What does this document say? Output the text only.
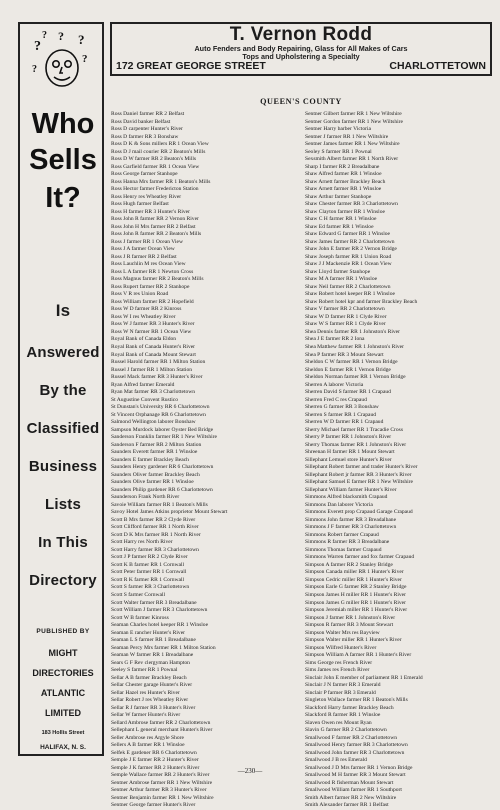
?	?
?
?
?
?
Who
Sells
It?
Is
Answered
By the
Classified
Business
Lists
In This
Directory
PUBLISHED BY
MIGHT
DIRECTORIES
ATLANTIC
LIMITED
183 Hollis Street
HALIFAX, N. S.
T. Vernon Rodd
Auto Fenders and Body Repairing, Glass for All Makes of Cars
Tops and Upholstering a Specialty
172 GREAT GEORGE STREET	CHARLOTTETOWN
QUEEN'S COUNTY
Ross Daniel farmer RR 2 Belfast
Ross David banker Belfast
Ross D carpenter Hunter's River
Ross D farmer RR 3 Bonshaw
Ross D K & Sons millers RR 1 Ocean View
Ross D J mail courier RR 2 Beaton's Mills
Ross D W farmer RR 2 Beaton's Mills
Ross Garfield farmer RR 1 Ocean View
Ross George farmer Stanhope
Ross Hanna Mrs farmer RR 1 Beaton's Mills
Ross Hector farmer Fredericton Station
Ross Henry res Wheatley River
Ross Hugh farmer Belfast
Ross H farmer RR 3 Hunter's River
Ross John R farmer RR 2 Vernon River
Ross John H Mrs farmer RR 2 Belfast
Ross John R farmer RR 2 Beaton's Mills
Ross J farmer RR 1 Ocean View
Ross J A farmer Ocean View
Ross J R farmer RR 2 Belfast
Ross Lauchlin M res Ocean View
Ross L A farmer RR 1 Newton Cross
Ross Magnus farmer RR 2 Beaton's Mills
Ross Rupert farmer RR 2 Stanhope
Ross V R res Union Road
Ross William farmer RR 2 Hopefield
Ross W D farmer RR 2 Kinross
Ross W I res Wheatley River
Ross W J farmer RR 3 Hunter's River
Ross W N farmer RR 1 Ocean View
Royal Bank of Canada Eldon
Royal Bank of Canada Hunter's River
Royal Bank of Canada Mount Stewart
Russel Harold farmer RR 1 Milton Station
Russel J farmer RR 1 Milton Station
Russel Mack farmer RR 3 Hunter's River
Ryan Alfred farmer Emerald
Ryan Mat farmer RR 3 Charlottetown
St Augustine Convent Rustico
St Dunstan's University RR 6 Charlottetown
St Vincent Orphanage RR 6 Charlottetown
Salmond Wellington laborer Bonshaw
Sampson Murdock laborer Oyster Bed Bridge
Sanderson Franklin farmer RR 1 New Wiltshire
Sanderson F farmer RR 2 Milton Station
Saunders Everett farmer RR 1 Winsloe
Saunders E farmer Brackley Beach
Saunders Henry gardener RR 6 Charlottetown
Saunders Oliver farmer Brackley Beach
Saunders Olive farmer RR 1 Winsloe
Saunders Philip gardener RR 6 Charlottetown
Saunderson Frank North River
Savoie William farmer RR 1 Beaton's Mills
Savoy Hotel James Atkins proprietor Mount Stewart
Scott B Mrs farmer RR 2 Clyde River
Scott Clifford farmer RR 1 North River
Scott D K Mrs farmer RR 1 North River
Scott Harry res North River
Scott Harry farmer RR 3 Charlottetown
Scott J P farmer RR 2 Clyde River
Scott K B farmer RR 1 Cornwall
Scott Peter farmer RR 1 Cornwall
Scott R K farmer RR 1 Cornwall
Scott S farmer RR 3 Charlottetown
Scott S farmer Cornwall
Scott Walter farmer RR 3 Breadalbane
Scott William J farmer RR 3 Charlottetown
Scott W B farmer Kinross
Seaman Charles hotel keeper RR 1 Winsloe
Seaman E rancher Hunter's River
Seaman L S farmer RR 1 Breadalbane
Seaman Percy Mrs farmer RR 1 Milton Station
Seaman W farmer RR 1 Breadalbane
Sears G F Rev clergyman Hampton
Seeley S farmer RR 1 Pownal
Sellar A B farmer Brackley Beach
Sellar Chester garage Hunter's River
Sellar Hazel res Hunter's River
Sellar Robert J res Wheatley River
Sellar R J farmer RR 3 Hunter's River
Sellar W farmer Hunter's River
Sellard Ambrose farmer RR 2 Charlottetown
Sellephant L general merchant Hunter's River
Seller Ambrose res Argyle Shore
Sellers A B farmer RR 1 Winsloe
Selfek E gardener RR 6 Charlottetown
Semple J E farmer RR 2 Hunter's River
Semple J K farmer RR 2 Hunter's River
Semple Wallace farmer RR 2 Hunter's River
Sentner Ambrose farmer RR 1 New Wiltshire
Sentner Arthur farmer RR 3 Hunter's River
Sentner Benjamin farmer RR 1 New Wiltshire
Sentner George farmer Hunter's River
Sentner Gilbert farmer RR 1 New Wiltshire
Sentner Gordon farmer RR 1 New Wiltshire
Sentner Harry barber Victoria
Sentner J farmer RR 1 New Wiltshire
Sentner James farmer RR 1 New Wiltshire
Seoley S farmer RR 1 Pownal
Sexsmith Albert farmer RR 1 North River
Sharp I farmer RR 2 Breadalbane
Shaw Alfred farmer RR 1 Winsloe
Shaw Arnett farmer Brackley Beach
Shaw Arnett farmer RR 1 Winsloe
Shaw Arthur farmer Stanhope
Shaw Chester farmer RR 3 Charlottetown
Shaw Clayton farmer RR 1 Winsloe
Shaw C H farmer RR 1 Winsloe
Shaw Ed farmer RR 1 Winsloe
Shaw Edward G farmer RR 1 Winsloe
Shaw James farmer RR 2 Charlottetown
Shaw John E farmer RR 2 Vernon Bridge
Shaw Joseph farmer RR 1 Union Road
Shaw J J Mackenzie RR 1 Ocean View
Shaw Lloyd farmer Stanhope
Shaw M A farmer RR 1 Winsloe
Shaw Neil farmer RR 2 Charlottetown
Shaw Robert hotel keeper RR 1 Winsloe
Shaw Robert hotel kpr and farmer Brackley Beach
Shaw V farmer RR 2 Charlottetown
Shaw W D farmer RR 1 Clyde River
Shaw W S farmer RR 1 Clyde River
Shea Dennis farmer RR 1 Johnston's River
Shea J E farmer RR 2 Iona
Shea Matthew farmer RR 1 Johnston's River
Shea P farmer RR 3 Mount Stewart
Sheldon C W farmer RR 1 Vernon Bridge
Sheldon E farmer RR 1 Vernon Bridge
Sheldon Norman farmer RR 1 Vernon Bridge
Sherren A laborer Victoria
Sherren David S farmer RR 1 Crapaud
Sherren Fred C res Crapaud
Sherren G farmer RR 3 Bonshaw
Sherren S farmer RR 1 Crapaud
Sherren W D farmer RR 1 Crapaud
Sherry Michael farmer RR 1 Tracadie Cross
Sherry P farmer RR 1 Johnston's River
Sherry Thomas farmer RR 1 Johnston's River
Shreenan H farmer RR 1 Mount Stewart
Sillephant Lemuel store Hunter's River
Sillephant Robert farmer and trader Hunter's River
Sillephant Robert jr farmer RR 3 Hunter's River
Sillephant Samuel E farmer RR 1 New Wiltshire
Sillephant William farmer Hunter's River
Simmons Alfred blacksmith Crapaud
Simmons Dan laborer Victoria
Simmons Everett prop Crapaud Garage Crapaud
Simmons John farmer RR 3 Breadalbane
Simmons J F farmer RR 3 Charlottetown
Simmons Robert farmer Crapaud
Simmons R farmer RR 3 Breadalbane
Simmons Thomas farmer Crapaud
Simmons Warren farmer and fox farmer Crapaud
Simpson A farmer RR 2 Stanley Bridge
Simpson Canada miller RR 1 Hunter's River
Simpson Cedric miller RR 1 Hunter's River
Simpson Earle G farmer RR 2 Stanley Bridge
Simpson James H miller RR 1 Hunter's River
Simpson James G miller RR 1 Hunter's River
Simpson Jeremiah miller RR 1 Hunter's River
Simpson J farmer RR 1 Johnston's River
Simpson R farmer RR 3 Mount Stewart
Simpson Walter Mrs res Bayview
Simpson Walter miller RR 1 Hunter's River
Simpson Wilfred Hunter's River
Simpson William A farmer RR 1 Hunter's River
Sims George res French River
Sims James res French River
Sinclair John E member of parliament RR 1 Emerald
Sinclair J N farmer RR 3 Emerald
Sinclair P farmer RR 3 Emerald
Singleton Wallace farmer RR 1 Beaton's Mills
Slackford Harry farmer Brackley Beach
Slackford R farmer RR 1 Winsloe
Slaven Owen res Mount Ryan
Slavin G farmer RR 2 Charlottetown
Smallwood F farmer RR 2 Charlottetown
Smallwood Henry farmer RR 3 Charlottetown
Smallwood John farmer RR 3 Charlottetown
Smallwood J B res Emerald
Smallwood J D Mrs farmer RR 1 Vernon Bridge
Smallwood M H farmer RR 3 Mount Stewart
Smallwood R fisherman Mount Stewart
Smallwood William farmer RR 1 Southport
Smith Albert farmer RR 2 New Wiltshire
Smith Alexander farmer RR 1 Belfast
—230—
